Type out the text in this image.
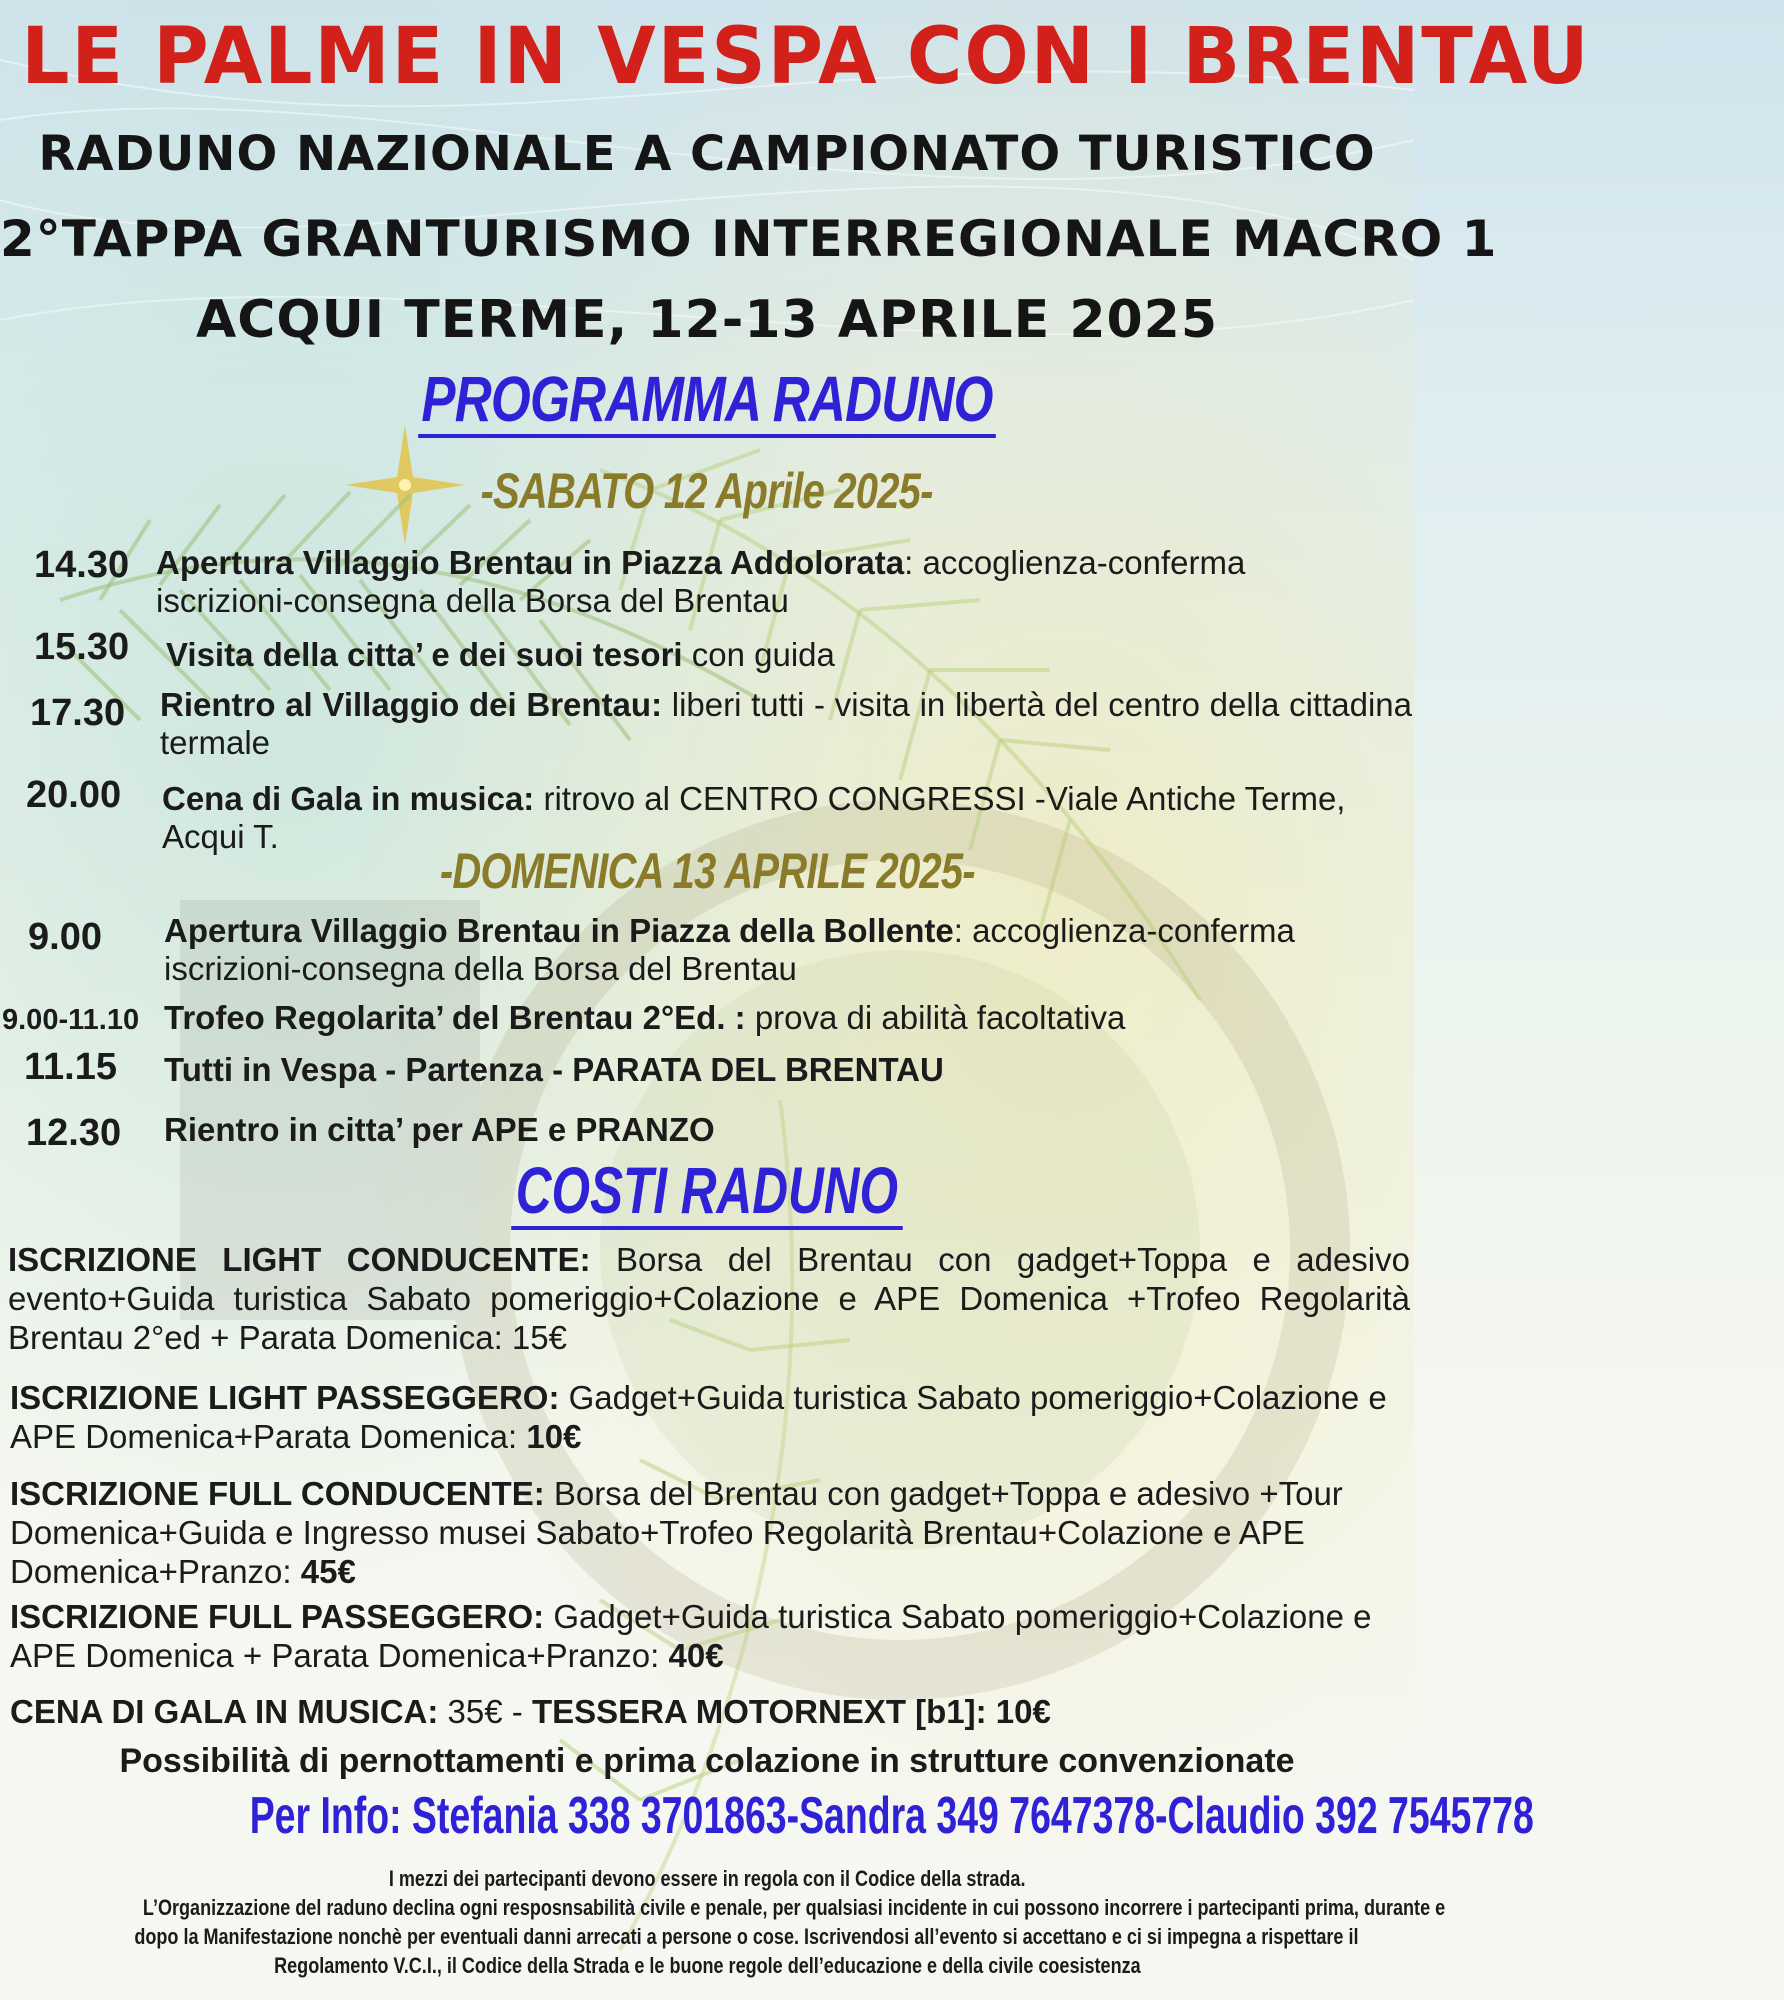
LE PALME IN VESPA CON I BRENTAU
RADUNO NAZIONALE A CAMPIONATO TURISTICO
2°TAPPA GRANTURISMO INTERREGIONALE MACRO 1
ACQUI TERME, 12-13 APRILE 2025
PROGRAMMA RADUNO
-SABATO 12 Aprile 2025-
14.30 Apertura Villaggio Brentau in Piazza Addolorata: accoglienza-conferma iscrizioni-consegna della Borsa del Brentau
15.30 Visita della citta’ e dei suoi tesori con guida
17.30 Rientro al Villaggio dei Brentau: liberi tutti - visita in libertà del centro della cittadina termale
20.00 Cena di Gala in musica: ritrovo al CENTRO CONGRESSI -Viale Antiche Terme, Acqui T.
-DOMENICA 13 APRILE 2025-
9.00 Apertura Villaggio Brentau in Piazza della Bollente: accoglienza-conferma iscrizioni-consegna della Borsa del Brentau
9.00-11.10 Trofeo Regolarita’ del Brentau 2°Ed. : prova di abilità facoltativa
11.15 Tutti in Vespa - Partenza - PARATA DEL BRENTAU
12.30 Rientro in citta’ per APE e PRANZO
COSTI RADUNO
ISCRIZIONE LIGHT CONDUCENTE: Borsa del Brentau con gadget+Toppa e adesivo evento+Guida turistica Sabato pomeriggio+Colazione e APE Domenica +Trofeo Regolarità Brentau 2°ed + Parata Domenica: 15€
ISCRIZIONE LIGHT PASSEGGERO: Gadget+Guida turistica Sabato pomeriggio+Colazione e APE Domenica+Parata Domenica: 10€
ISCRIZIONE FULL CONDUCENTE: Borsa del Brentau con gadget+Toppa e adesivo +Tour Domenica+Guida e Ingresso musei Sabato+Trofeo Regolarità Brentau+Colazione e APE Domenica+Pranzo: 45€
ISCRIZIONE FULL PASSEGGERO: Gadget+Guida turistica Sabato pomeriggio+Colazione e APE Domenica + Parata Domenica+Pranzo: 40€
CENA DI GALA IN MUSICA: 35€ - TESSERA MOTORNEXT [b1]: 10€
Possibilità di pernottamenti e prima colazione in strutture convenzionate
Per Info: Stefania 338 3701863-Sandra 349 7647378-Claudio 392 7545778
I mezzi dei partecipanti devono essere in regola con il Codice della strada.
L’Organizzazione del raduno declina ogni resposnsabilità civile e penale, per qualsiasi incidente in cui possono incorrere i partecipanti prima, durante e
dopo la Manifestazione nonchè per eventuali danni arrecati a persone o cose. Iscrivendosi all’evento si accettano e ci si impegna a rispettare il
Regolamento V.C.I., il Codice della Strada e le buone regole dell’educazione e della civile coesistenza
